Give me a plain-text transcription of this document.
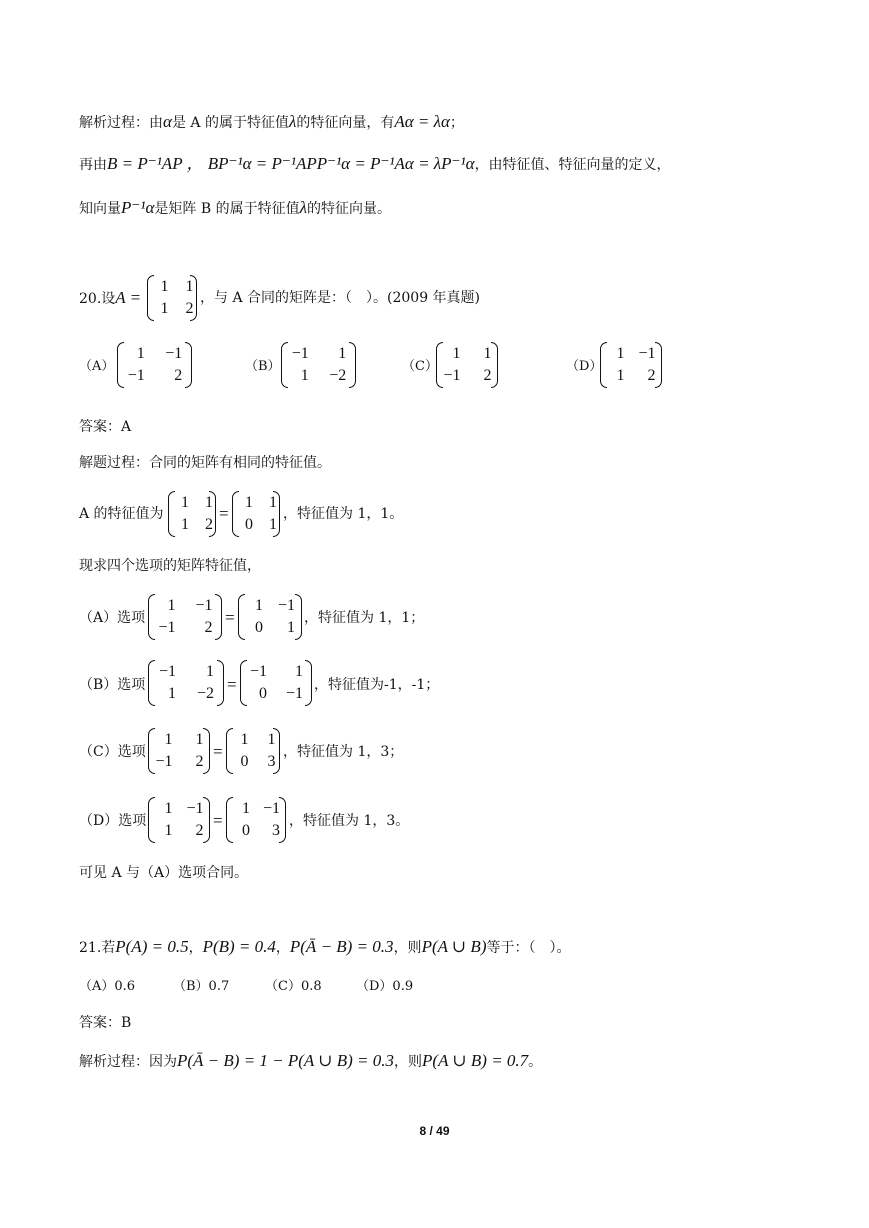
解析过程：由α是 A 的属于特征值λ的特征向量，有Aα = λα；
再由B = P⁻¹AP ， BP⁻¹α = P⁻¹APP⁻¹α = P⁻¹Aα = λP⁻¹α，由特征值、特征向量的定义，
知向量P⁻¹α是矩阵 B 的属于特征值λ的特征向量。
20.设A =
1	1
1	2
，与 A 合同的矩阵是：（　）。(2009 年真题)
（A）
1 −1
−1	2
（B）
−1	1
1 −2
（C）
1	1
−1	2
（D）
1 −1
1	2
答案：A
解题过程：合同的矩阵有相同的特征值。
A 的特征值为
1	1
1	2
=
1	1
0	1
，特征值为 1，1。
现求四个选项的矩阵特征值，
（A）选项
1 −1
−1	2
=
1 −1
0	1
，特征值为 1，1；
（B）选项
−1	1
1 −2 =
−1	1
0 −1 ，特征值为-1，-1；
（C）选项
1	1
−1	2
=
1	1
0	3
，特征值为 1，3；
（D）选项
1 −1
1	2
=
1 −1
0	3
，特征值为 1，3。
可见 A 与（A）选项合同。
21.若P(A) = 0.5，P(B) = 0.4，P(Ā − B) = 0.3，则P(A ∪ B)等于：（　）。
（A）0.6	（B）0.7	（C）0.8	（D）0.9
答案：B
解析过程：因为P(Ā − B) = 1 − P(A ∪ B) = 0.3，则P(A ∪ B) = 0.7。
8 / 49
